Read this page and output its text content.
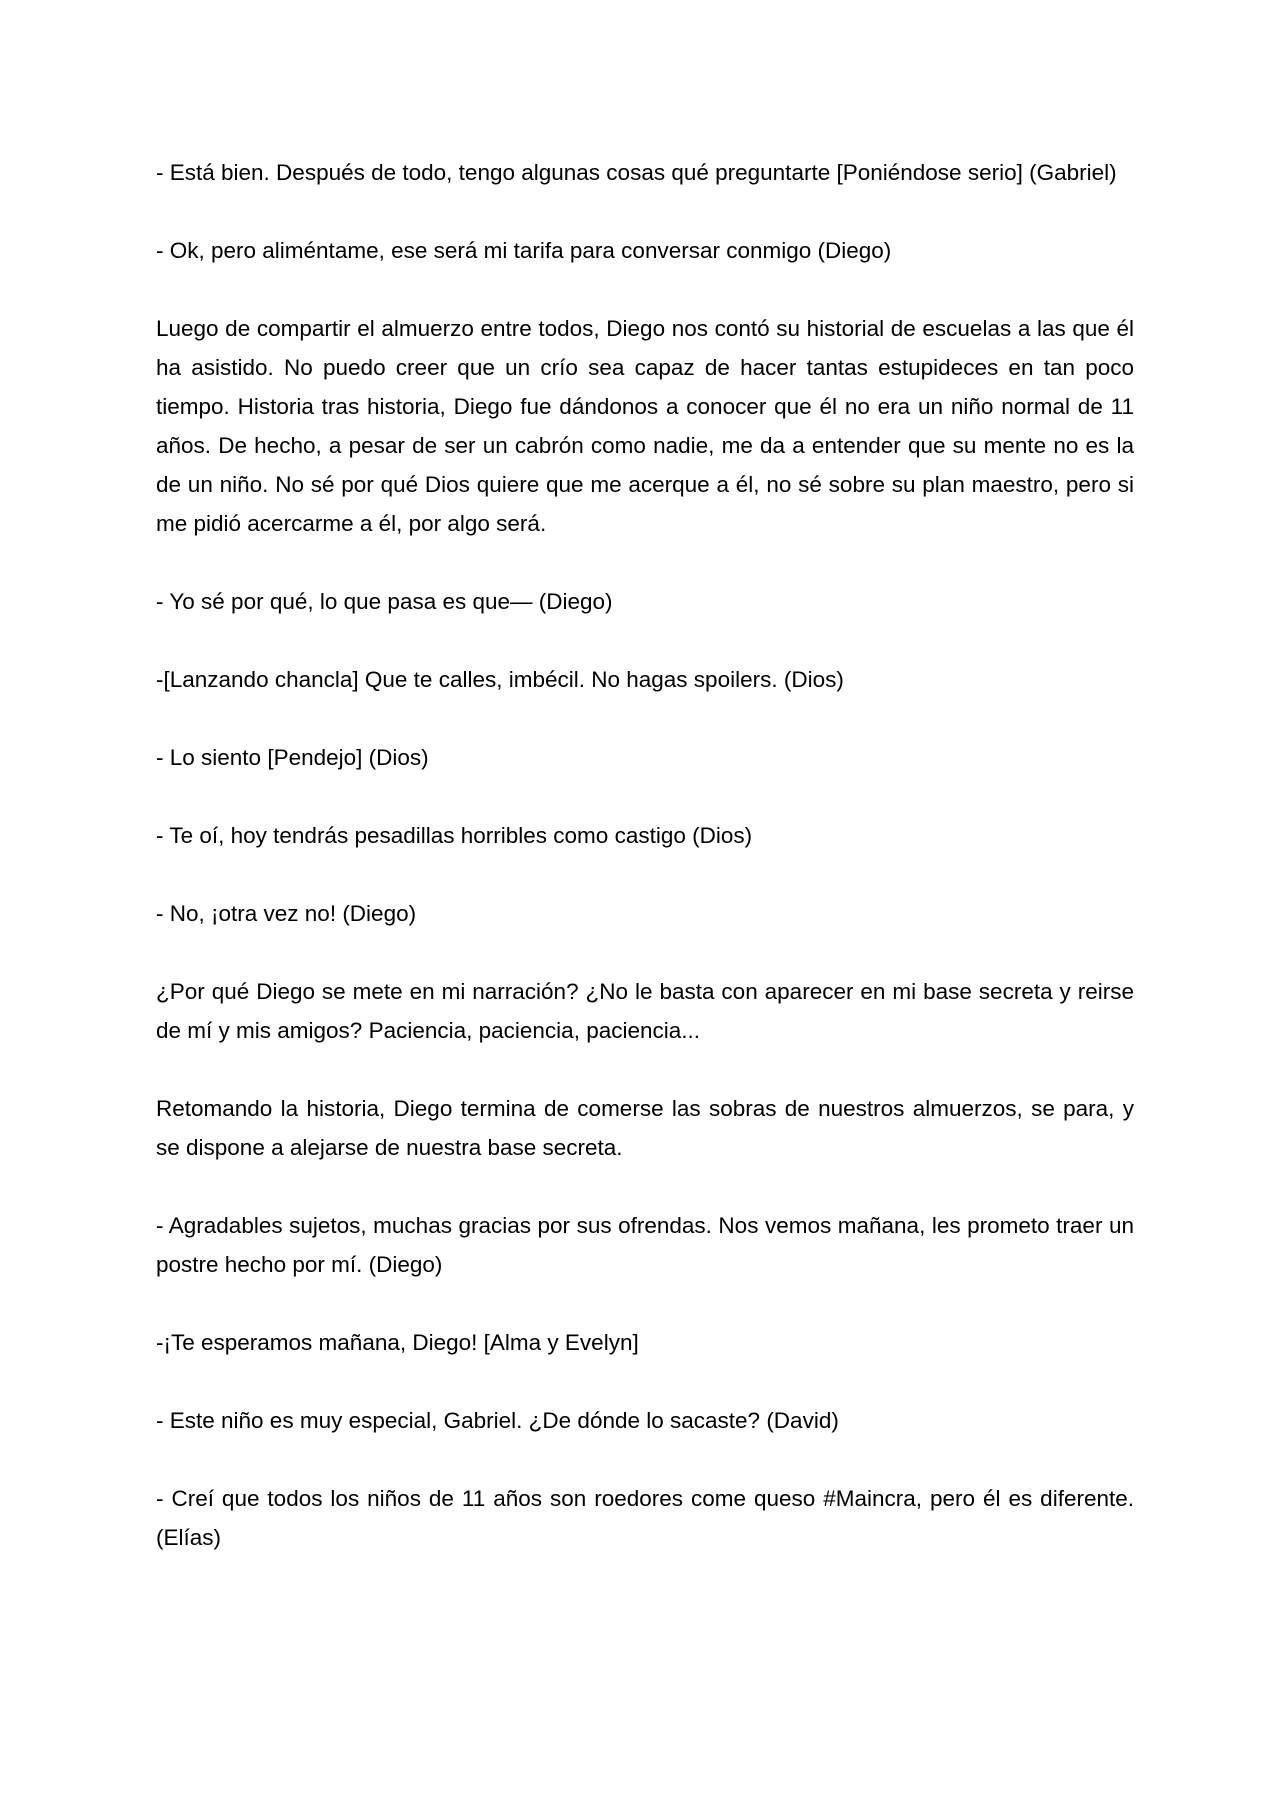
- Está bien. Después de todo, tengo algunas cosas qué preguntarte [Poniéndose serio] (Gabriel)

- Ok, pero aliméntame, ese será mi tarifa para conversar conmigo (Diego)

Luego de compartir el almuerzo entre todos, Diego nos contó su historial de escuelas a las que él ha asistido. No puedo creer que un crío sea capaz de hacer tantas estupideces en tan poco tiempo. Historia tras historia, Diego fue dándonos a conocer que él no era un niño normal de 11 años. De hecho, a pesar de ser un cabrón como nadie, me da a entender que su mente no es la de un niño. No sé por qué Dios quiere que me acerque a él, no sé sobre su plan maestro, pero si me pidió acercarme a él, por algo será.

- Yo sé por qué, lo que pasa es que— (Diego)

-[Lanzando chancla] Que te calles, imbécil. No hagas spoilers. (Dios)

- Lo siento [Pendejo] (Dios)

- Te oí, hoy tendrás pesadillas horribles como castigo (Dios)

- No, ¡otra vez no! (Diego)

¿Por qué Diego se mete en mi narración? ¿No le basta con aparecer en mi base secreta y reirse de mí y mis amigos? Paciencia, paciencia, paciencia...

Retomando la historia, Diego termina de comerse las sobras de nuestros almuerzos, se para, y se dispone a alejarse de nuestra base secreta.

- Agradables sujetos, muchas gracias por sus ofrendas. Nos vemos mañana, les prometo traer un postre hecho por mí. (Diego)

-¡Te esperamos mañana, Diego! [Alma y Evelyn]

- Este niño es muy especial, Gabriel. ¿De dónde lo sacaste? (David)

- Creí que todos los niños de 11 años son roedores come queso #Maincra, pero él es diferente. (Elías)
